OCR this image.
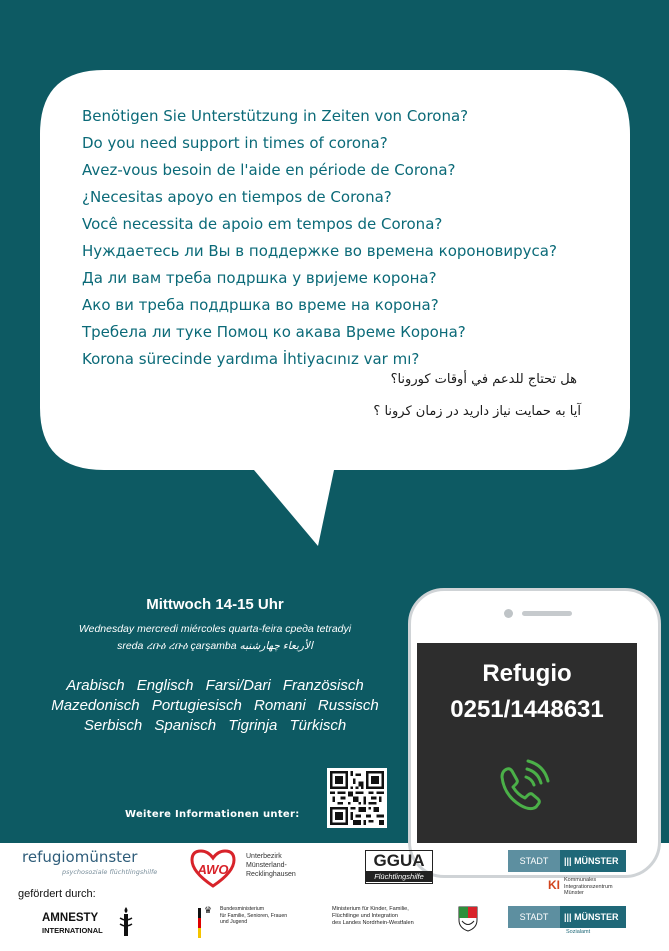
Benötigen Sie Unterstützung in Zeiten von Corona?
Do you need support in times of corona?
Avez-vous besoin de l'aide en période de Corona?
¿Necesitas apoyo en tiempos de Corona?
Você necessita de apoio em tempos de Corona?
Нуждаетесь ли Вы в поддержке во времена короновируса?
Да ли вам треба подршка у вријеме корона?
Ако ви треба поддршка во време на корона?
Требела ли туке Помоц ко акава Време Корона?
Korona sürecinde yardıma İhtiyacınız var mı?
هل تحتاج للدعم في أوقات كورونا؟
آیا به حمایت نیاز دارید در زمان کرونا ؟
Mittwoch 14-15 Uhr
Wednesday mercredi miércoles quarta-feira среда tetradyi
sreda ረቡዕ ረቡዕ çarşamba الأربعاء چهارشنبه
Arabisch Englisch Farsi/Dari Französisch
Mazedonisch Portugiesisch Romani Russisch
Serbisch Spanisch Tigrinja Türkisch
Weitere Informationen unter:
Refugio
0251/1448631
refugiomünster
psychosoziale flüchtlingshilfe	AWO
Unterbezirk
Münsterland-
Recklinghausen
GGUA
Flüchtlingshilfe
STADT	||| MÜNSTER
KI Kommunales
Integrationszentrum
Münster
gefördert durch:
AMNESTY
INTERNATIONAL
♛ Bundesministerium
für Familie, Senioren, Frauen
und Jugend
Ministerium für Kinder, Familie,
Flüchtlinge und Integration
des Landes Nordrhein-Westfalen
STADT	||| MÜNSTER
Sozialamt
